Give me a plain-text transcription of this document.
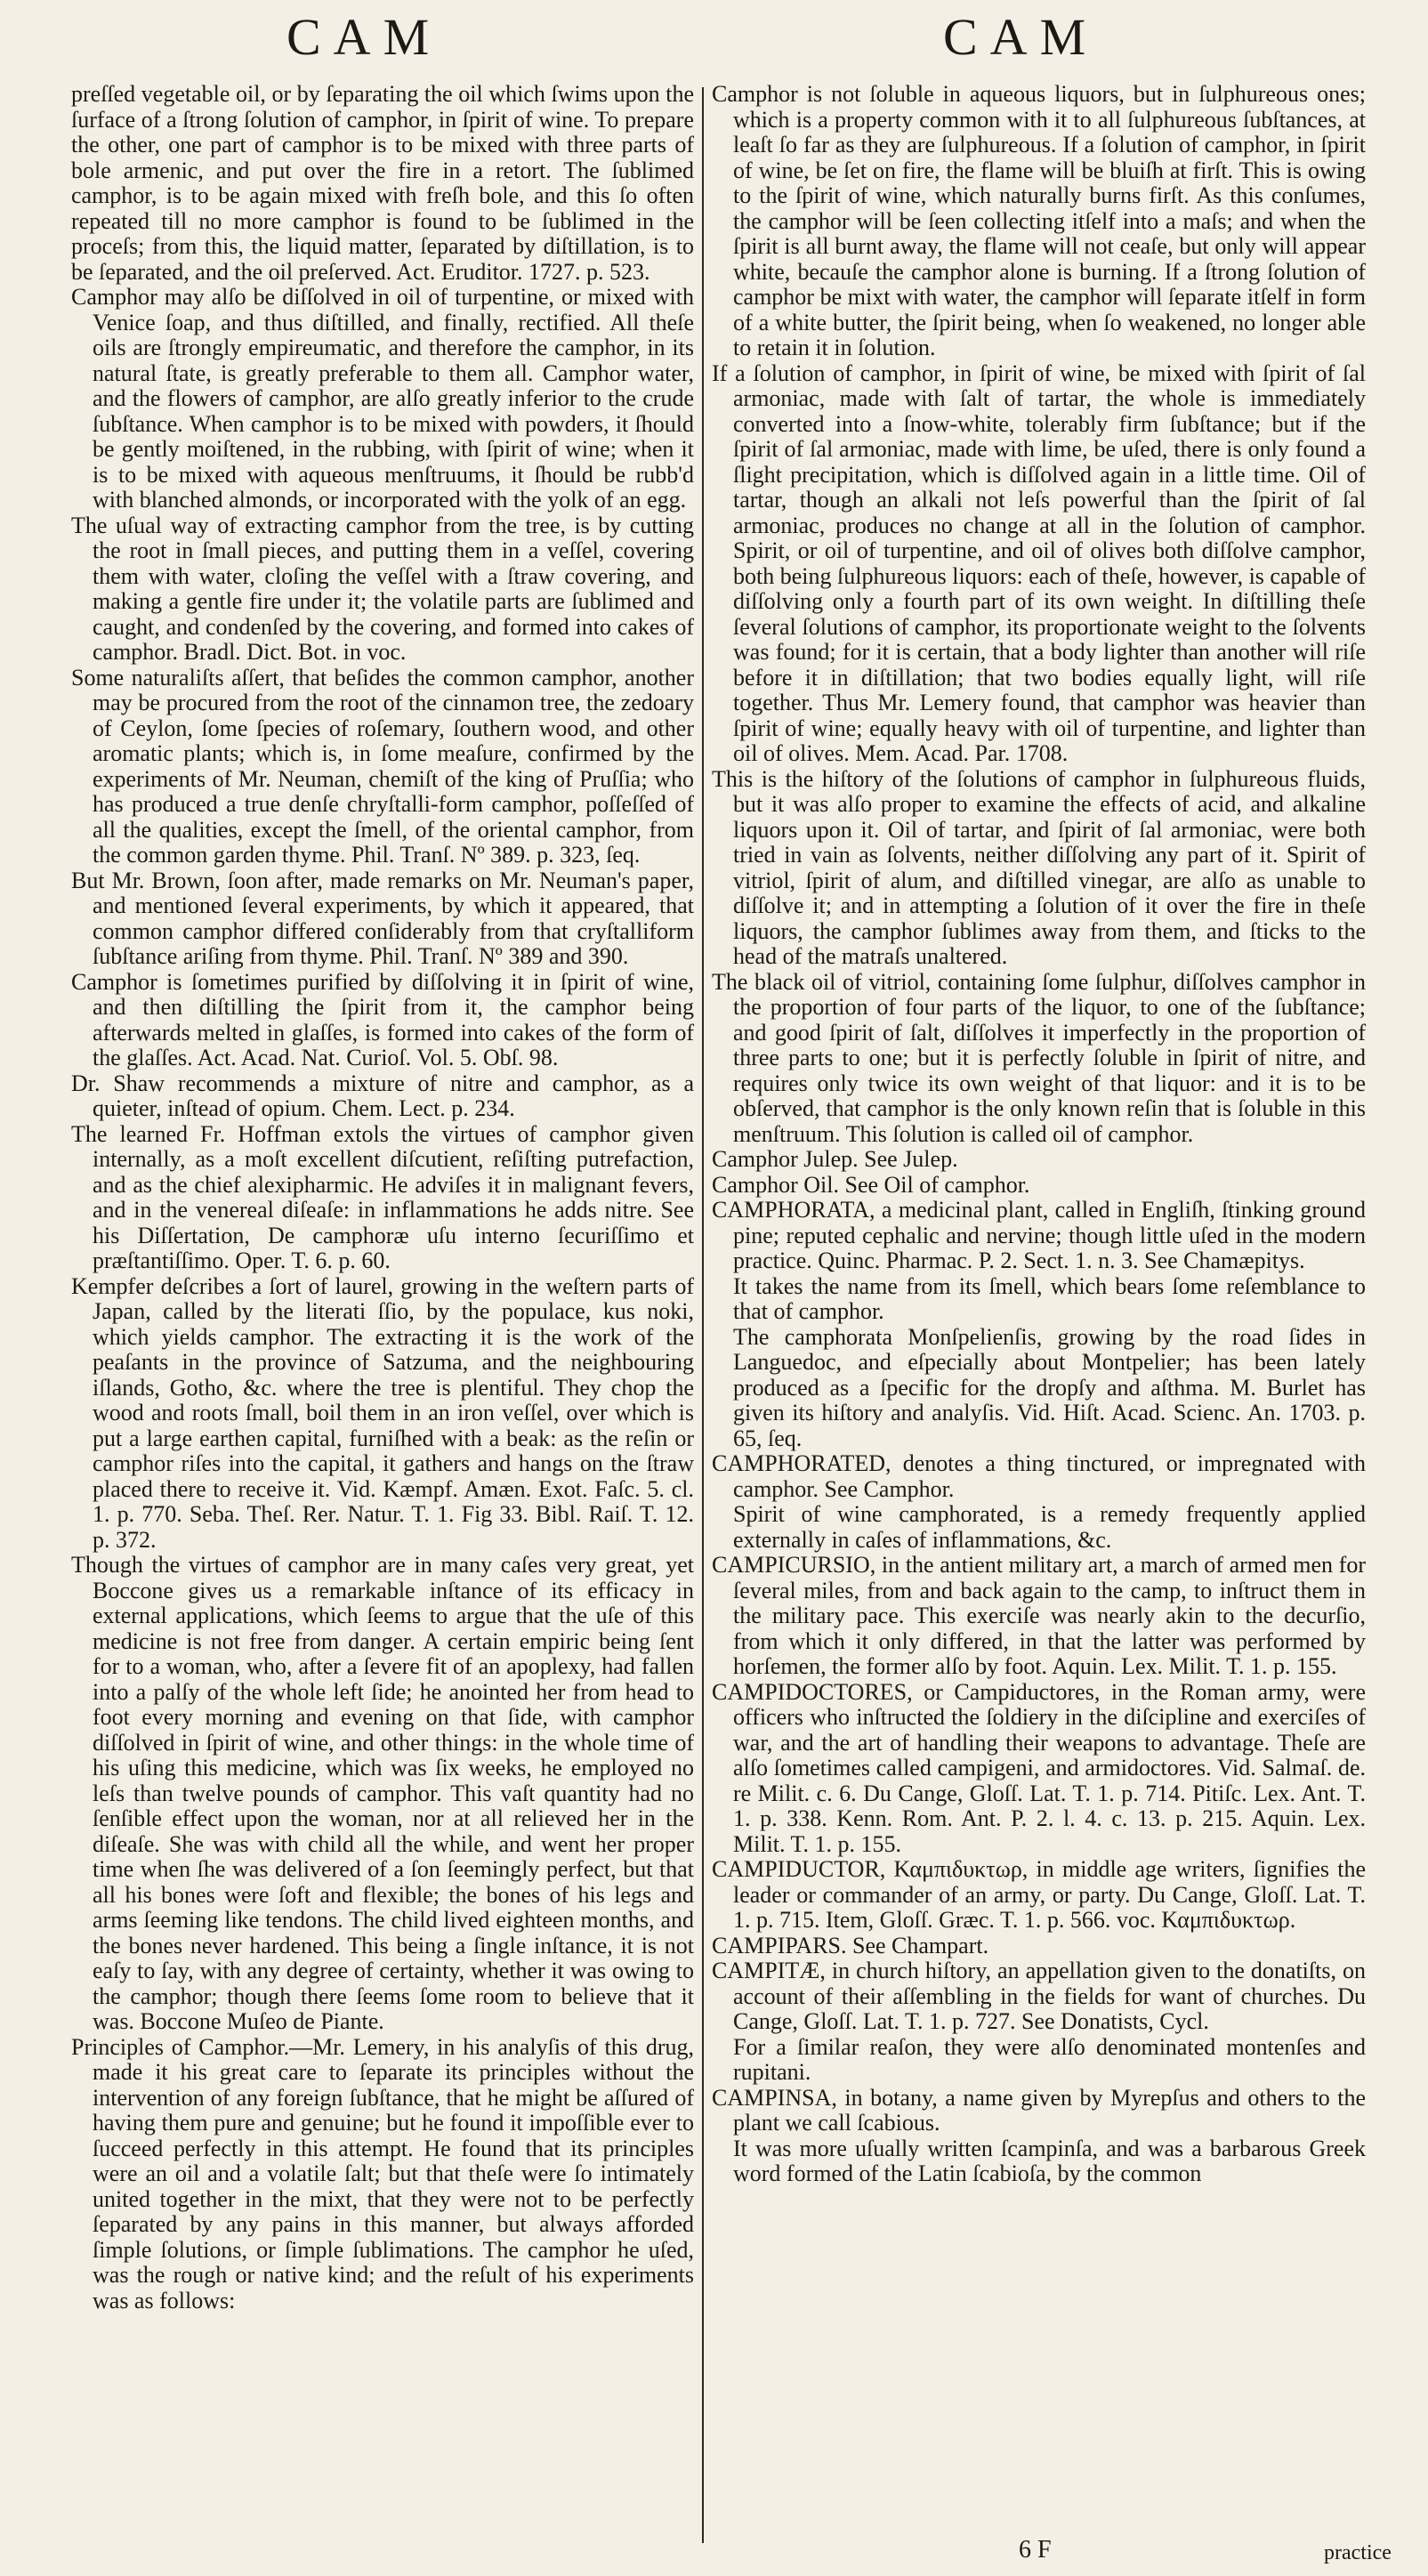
CAM	CAM

preſſed vegetable oil, or by ſeparating the oil which ſwims upon the ſurface of a ſtrong ſolution of camphor, in ſpirit of wine. To prepare the other, one part of camphor is to be mixed with three parts of bole armenic, and put over the fire in a retort. The ſublimed camphor, is to be again mixed with freſh bole, and this ſo often repeated till no more camphor is found to be ſublimed in the proceſs; from this, the liquid matter, ſeparated by diſtillation, is to be ſeparated, and the oil preſerved. Act. Eruditor. 1727. p. 523.

Camphor may alſo be diſſolved in oil of turpentine, or mixed with Venice ſoap, and thus diſtilled, and finally, rectified. All theſe oils are ſtrongly empireumatic, and therefore the camphor, in its natural ſtate, is greatly preferable to them all. Camphor water, and the flowers of camphor, are alſo greatly inferior to the crude ſubſtance. When camphor is to be mixed with powders, it ſhould be gently moiſtened, in the rubbing, with ſpirit of wine; when it is to be mixed with aqueous menſtruums, it ſhould be rubb'd with blanched almonds, or incorporated with the yolk of an egg.

The uſual way of extracting camphor from the tree, is by cutting the root in ſmall pieces, and putting them in a veſſel, covering them with water, cloſing the veſſel with a ſtraw covering, and making a gentle fire under it; the volatile parts are ſublimed and caught, and condenſed by the covering, and formed into cakes of camphor. Bradl. Dict. Bot. in voc.

Some naturaliſts aſſert, that beſides the common camphor, another may be procured from the root of the cinnamon tree, the zedoary of Ceylon, ſome ſpecies of roſemary, ſouthern wood, and other aromatic plants; which is, in ſome meaſure, confirmed by the experiments of Mr. Neuman, chemiſt of the king of Pruſſia; who has produced a true denſe chryſtalli-form camphor, poſſeſſed of all the qualities, except the ſmell, of the oriental camphor, from the common garden thyme. Phil. Tranſ. Nº 389. p. 323, ſeq.

But Mr. Brown, ſoon after, made remarks on Mr. Neuman's paper, and mentioned ſeveral experiments, by which it appeared, that common camphor differed conſiderably from that cryſtalliform ſubſtance ariſing from thyme. Phil. Tranſ. Nº 389 and 390.

Camphor is ſometimes purified by diſſolving it in ſpirit of wine, and then diſtilling the ſpirit from it, the camphor being afterwards melted in glaſſes, is formed into cakes of the form of the glaſſes. Act. Acad. Nat. Curioſ. Vol. 5. Obſ. 98.

Dr. Shaw recommends a mixture of nitre and camphor, as a quieter, inſtead of opium. Chem. Lect. p. 234.

The learned Fr. Hoffman extols the virtues of camphor given internally, as a moſt excellent diſcutient, reſiſting putrefaction, and as the chief alexipharmic. He adviſes it in malignant fevers, and in the venereal diſeaſe: in inflammations he adds nitre. See his Diſſertation, De camphoræ uſu interno ſecuriſſimo et præſtantiſſimo. Oper. T. 6. p. 60.

Kempfer deſcribes a ſort of laurel, growing in the weſtern parts of Japan, called by the literati ſſio, by the populace, kus noki, which yields camphor. The extracting it is the work of the peaſants in the province of Satzuma, and the neighbouring iſlands, Gotho, &c. where the tree is plentiful. They chop the wood and roots ſmall, boil them in an iron veſſel, over which is put a large earthen capital, furniſhed with a beak: as the reſin or camphor riſes into the capital, it gathers and hangs on the ſtraw placed there to receive it. Vid. Kæmpf. Amæn. Exot. Faſc. 5. cl. 1. p. 770. Seba. Theſ. Rer. Natur. T. 1. Fig 33. Bibl. Raiſ. T. 12. p. 372.

Though the virtues of camphor are in many caſes very great, yet Boccone gives us a remarkable inſtance of its efficacy in external applications, which ſeems to argue that the uſe of this medicine is not free from danger. A certain empiric being ſent for to a woman, who, after a ſevere fit of an apoplexy, had fallen into a palſy of the whole left ſide; he anointed her from head to foot every morning and evening on that ſide, with camphor diſſolved in ſpirit of wine, and other things: in the whole time of his uſing this medicine, which was ſix weeks, he employed no leſs than twelve pounds of camphor. This vaſt quantity had no ſenſible effect upon the woman, nor at all relieved her in the diſeaſe. She was with child all the while, and went her proper time when ſhe was delivered of a ſon ſeemingly perfect, but that all his bones were ſoft and flexible; the bones of his legs and arms ſeeming like tendons. The child lived eighteen months, and the bones never hardened. This being a ſingle inſtance, it is not eaſy to ſay, with any degree of certainty, whether it was owing to the camphor; though there ſeems ſome room to believe that it was. Boccone Muſeo de Piante.

Principles of Camphor.—Mr. Lemery, in his analyſis of this drug, made it his great care to ſeparate its principles without the intervention of any foreign ſubſtance, that he might be aſſured of having them pure and genuine; but he found it impoſſible ever to ſucceed perfectly in this attempt. He found that its principles were an oil and a volatile ſalt; but that theſe were ſo intimately united together in the mixt, that they were not to be perfectly ſeparated by any pains in this manner, but always afforded ſimple ſolutions, or ſimple ſublimations. The camphor he uſed, was the rough or native kind; and the reſult of his experiments was as follows:

Camphor is not ſoluble in aqueous liquors, but in ſulphureous ones; which is a property common with it to all ſulphureous ſubſtances, at leaſt ſo far as they are ſulphureous. If a ſolution of camphor, in ſpirit of wine, be ſet on fire, the flame will be bluiſh at firſt. This is owing to the ſpirit of wine, which naturally burns firſt. As this conſumes, the camphor will be ſeen collecting itſelf into a maſs; and when the ſpirit is all burnt away, the flame will not ceaſe, but only will appear white, becauſe the camphor alone is burning. If a ſtrong ſolution of camphor be mixt with water, the camphor will ſeparate itſelf in form of a white butter, the ſpirit being, when ſo weakened, no longer able to retain it in ſolution.

If a ſolution of camphor, in ſpirit of wine, be mixed with ſpirit of ſal armoniac, made with ſalt of tartar, the whole is immediately converted into a ſnow-white, tolerably firm ſubſtance; but if the ſpirit of ſal armoniac, made with lime, be uſed, there is only found a ſlight precipitation, which is diſſolved again in a little time. Oil of tartar, though an alkali not leſs powerful than the ſpirit of ſal armoniac, produces no change at all in the ſolution of camphor. Spirit, or oil of turpentine, and oil of olives both diſſolve camphor, both being ſulphureous liquors: each of theſe, however, is capable of diſſolving only a fourth part of its own weight. In diſtilling theſe ſeveral ſolutions of camphor, its proportionate weight to the ſolvents was found; for it is certain, that a body lighter than another will riſe before it in diſtillation; that two bodies equally light, will riſe together. Thus Mr. Lemery found, that camphor was heavier than ſpirit of wine; equally heavy with oil of turpentine, and lighter than oil of olives. Mem. Acad. Par. 1708.

This is the hiſtory of the ſolutions of camphor in ſulphureous fluids, but it was alſo proper to examine the effects of acid, and alkaline liquors upon it. Oil of tartar, and ſpirit of ſal armoniac, were both tried in vain as ſolvents, neither diſſolving any part of it. Spirit of vitriol, ſpirit of alum, and diſtilled vinegar, are alſo as unable to diſſolve it; and in attempting a ſolution of it over the fire in theſe liquors, the camphor ſublimes away from them, and ſticks to the head of the matraſs unaltered.

The black oil of vitriol, containing ſome ſulphur, diſſolves camphor in the proportion of four parts of the liquor, to one of the ſubſtance; and good ſpirit of ſalt, diſſolves it imperfectly in the proportion of three parts to one; but it is perfectly ſoluble in ſpirit of nitre, and requires only twice its own weight of that liquor: and it is to be obſerved, that camphor is the only known reſin that is ſoluble in this menſtruum. This ſolution is called oil of camphor.

Camphor Julep. See Julep.

Camphor Oil. See Oil of camphor.

CAMPHORATA, a medicinal plant, called in Engliſh, ſtinking ground pine; reputed cephalic and nervine; though little uſed in the modern practice. Quinc. Pharmac. P. 2. Sect. 1. n. 3. See Chamæpitys.

It takes the name from its ſmell, which bears ſome reſemblance to that of camphor.

The camphorata Monſpelienſis, growing by the road ſides in Languedoc, and eſpecially about Montpelier; has been lately produced as a ſpecific for the dropſy and aſthma. M. Burlet has given its hiſtory and analyſis. Vid. Hiſt. Acad. Scienc. An. 1703. p. 65, ſeq.

CAMPHORATED, denotes a thing tinctured, or impregnated with camphor. See Camphor.

Spirit of wine camphorated, is a remedy frequently applied externally in caſes of inflammations, &c.

CAMPICURSIO, in the antient military art, a march of armed men for ſeveral miles, from and back again to the camp, to inſtruct them in the military pace. This exerciſe was nearly akin to the decurſio, from which it only differed, in that the latter was performed by horſemen, the former alſo by foot. Aquin. Lex. Milit. T. 1. p. 155.

CAMPIDOCTORES, or Campiductores, in the Roman army, were officers who inſtructed the ſoldiery in the diſcipline and exerciſes of war, and the art of handling their weapons to advantage. Theſe are alſo ſometimes called campigeni, and armidoctores. Vid. Salmaſ. de. re Milit. c. 6. Du Cange, Gloſſ. Lat. T. 1. p. 714. Pitiſc. Lex. Ant. T. 1. p. 338. Kenn. Rom. Ant. P. 2. l. 4. c. 13. p. 215. Aquin. Lex. Milit. T. 1. p. 155.

CAMPIDUCTOR, Καμπιδυκτωρ, in middle age writers, ſignifies the leader or commander of an army, or party. Du Cange, Gloſſ. Lat. T. 1. p. 715. Item, Gloſſ. Græc. T. 1. p. 566. voc. Καμπιδυκτωρ.

CAMPIPARS. See Champart.

CAMPITÆ, in church hiſtory, an appellation given to the donatiſts, on account of their aſſembling in the fields for want of churches. Du Cange, Gloſſ. Lat. T. 1. p. 727. See Donatists, Cycl.

For a ſimilar reaſon, they were alſo denominated montenſes and rupitani.

CAMPINSA, in botany, a name given by Myrepſus and others to the plant we call ſcabious.

It was more uſually written ſcampinſa, and was a barbarous Greek word formed of the Latin ſcabioſa, by the common

6 F	practice
